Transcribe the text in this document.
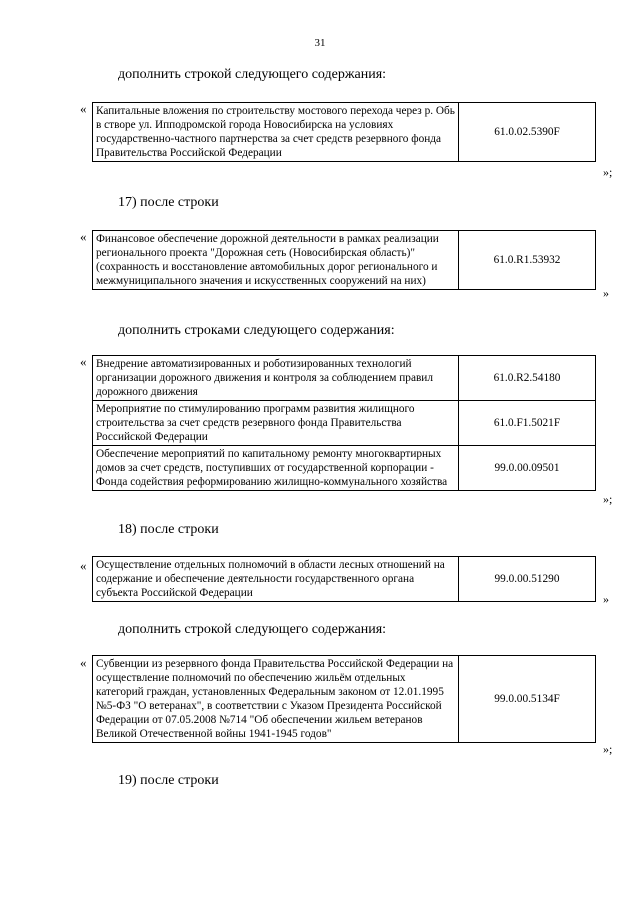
31
дополнить строкой следующего содержания:
« Капитальные вложения по строительству мостового перехода через р. Обь в створе ул. Ипподромской города Новосибирска на условиях государственно-частного партнерства за счет средств резервного фонда Правительства Российской Федерации	61.0.02.5390F
»;
17) после строки
« Финансовое обеспечение дорожной деятельности в рамках реализации регионального проекта "Дорожная сеть (Новосибирская область)" (сохранность и восстановление автомобильных дорог регионального и межмуниципального значения и искусственных сооружений на них)	61.0.R1.53932
»
дополнить строками следующего содержания:
« Внедрение автоматизированных и роботизированных технологий организации дорожного движения и контроля за соблюдением правил дорожного движения	61.0.R2.54180
Мероприятие по стимулированию программ развития жилищного строительства за счет средств резервного фонда Правительства Российской Федерации	61.0.F1.5021F
Обеспечение мероприятий по капитальному ремонту многоквартирных домов за счет средств, поступивших от государственной корпорации - Фонда содействия реформированию жилищно-коммунального хозяйства	99.0.00.09501
»;
18) после строки
« Осуществление отдельных полномочий в области лесных отношений на содержание и обеспечение деятельности государственного органа субъекта Российской Федерации	99.0.00.51290
»
дополнить строкой следующего содержания:
« Субвенции из резервного фонда Правительства Российской Федерации на осуществление полномочий по обеспечению жильём отдельных категорий граждан, установленных Федеральным законом от 12.01.1995 №5-ФЗ "О ветеранах", в соответствии с Указом Президента Российской Федерации от 07.05.2008 №714 "Об обеспечении жильем ветеранов Великой Отечественной войны 1941-1945 годов"	99.0.00.5134F
»;
19) после строки
